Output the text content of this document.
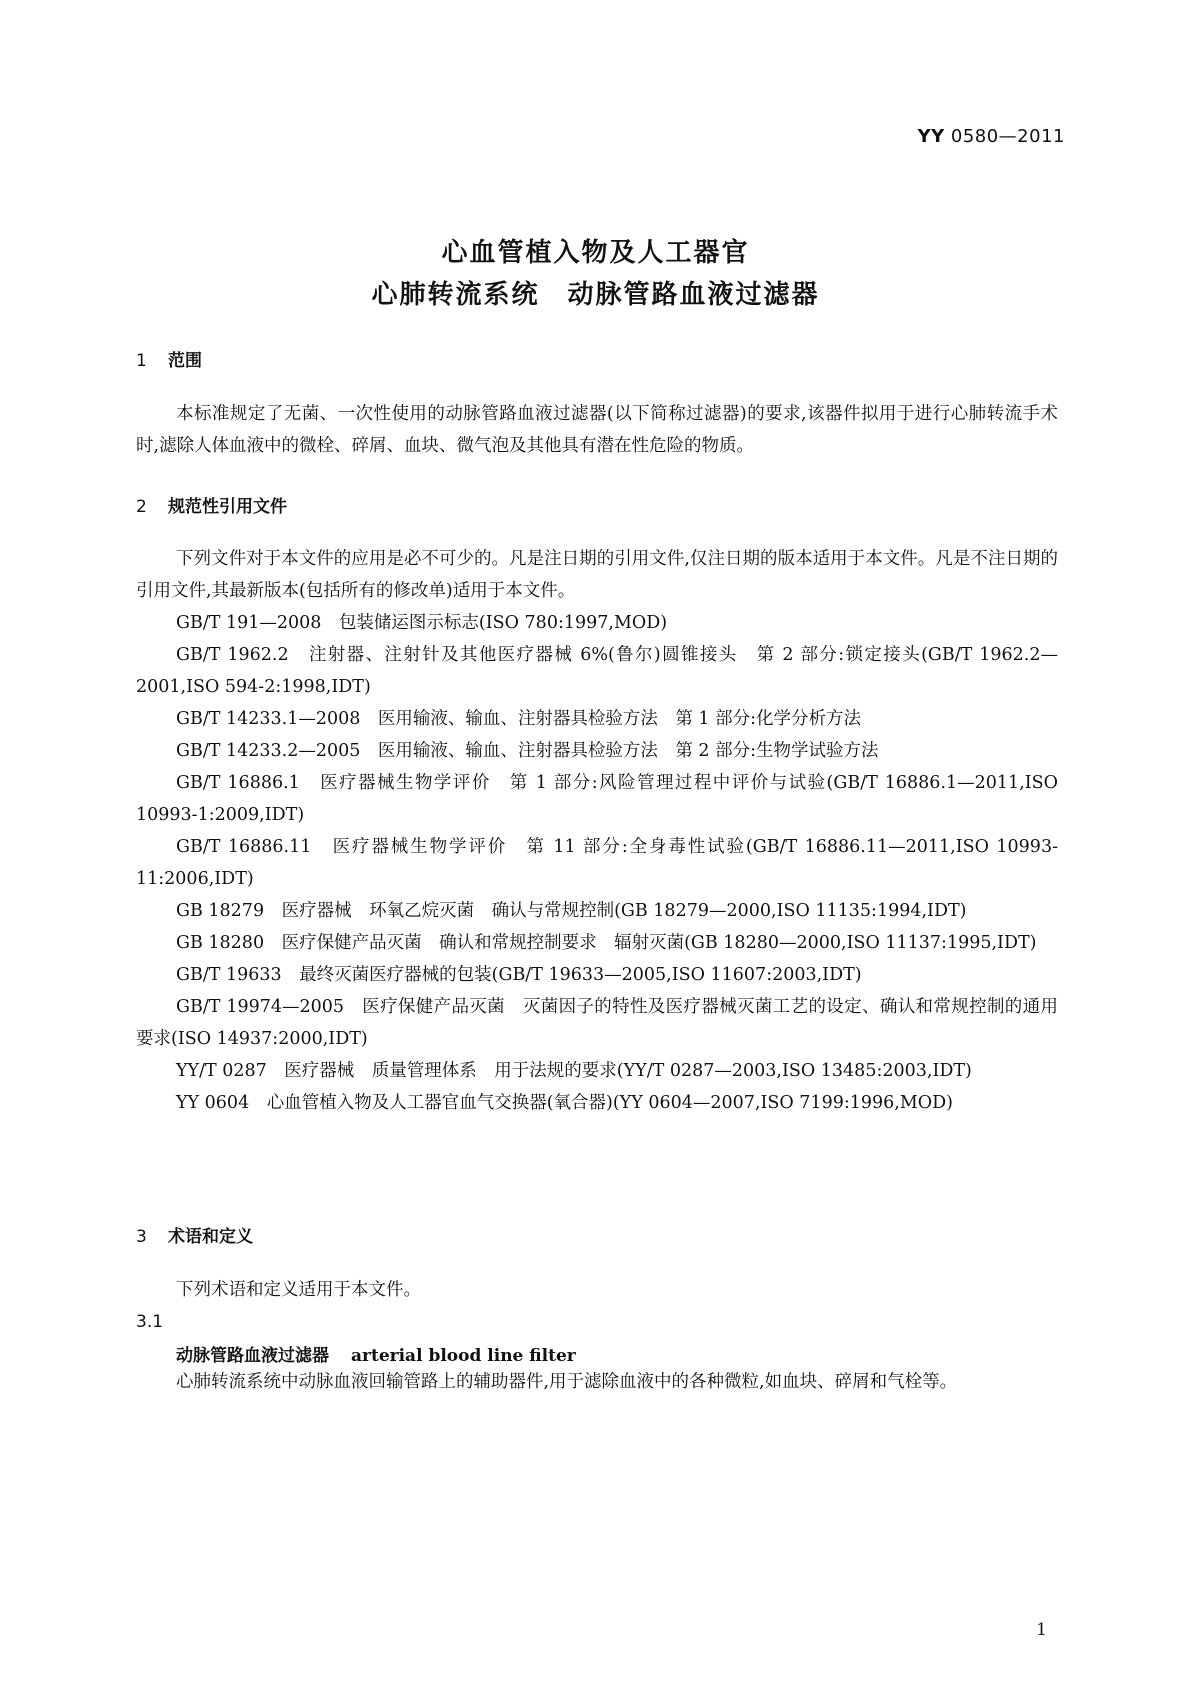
YY 0580—2011
心血管植入物及人工器官
心肺转流系统　动脉管路血液过滤器
1 范围

本标准规定了无菌、一次性使用的动脉管路血液过滤器(以下简称过滤器)的要求,该器件拟用于进行心肺转流手术时,滤除人体血液中的微栓、碎屑、血块、微气泡及其他具有潜在性危险的物质。

2 规范性引用文件

下列文件对于本文件的应用是必不可少的。凡是注日期的引用文件,仅注日期的版本适用于本文件。凡是不注日期的引用文件,其最新版本(包括所有的修改单)适用于本文件。

GB/T 191—2008　包装储运图示标志(ISO 780:1997,MOD)

GB/T 1962.2　注射器、注射针及其他医疗器械 6%(鲁尔)圆锥接头　第 2 部分:锁定接头(GB/T 1962.2—2001,ISO 594-2:1998,IDT)

GB/T 14233.1—2008　医用输液、输血、注射器具检验方法　第 1 部分:化学分析方法

GB/T 14233.2—2005　医用输液、输血、注射器具检验方法　第 2 部分:生物学试验方法

GB/T 16886.1　医疗器械生物学评价　第 1 部分:风险管理过程中评价与试验(GB/T 16886.1—2011,ISO 10993-1:2009,IDT)

GB/T 16886.11　医疗器械生物学评价　第 11 部分:全身毒性试验(GB/T 16886.11—2011,ISO 10993-11:2006,IDT)

GB 18279　医疗器械　环氧乙烷灭菌　确认与常规控制(GB 18279—2000,ISO 11135:1994,IDT)

GB 18280　医疗保健产品灭菌　确认和常规控制要求　辐射灭菌(GB 18280—2000,ISO 11137:1995,IDT)

GB/T 19633　最终灭菌医疗器械的包装(GB/T 19633—2005,ISO 11607:2003,IDT)

GB/T 19974—2005　医疗保健产品灭菌　灭菌因子的特性及医疗器械灭菌工艺的设定、确认和常规控制的通用要求(ISO 14937:2000,IDT)

YY/T 0287　医疗器械　质量管理体系　用于法规的要求(YY/T 0287—2003,ISO 13485:2003,IDT)

YY 0604　心血管植入物及人工器官血气交换器(氧合器)(YY 0604—2007,ISO 7199:1996,MOD)

3 术语和定义

下列术语和定义适用于本文件。

3.1
动脉管路血液过滤器 arterial blood line filter

心肺转流系统中动脉血液回输管路上的辅助器件,用于滤除血液中的各种微粒,如血块、碎屑和气栓等。

1
